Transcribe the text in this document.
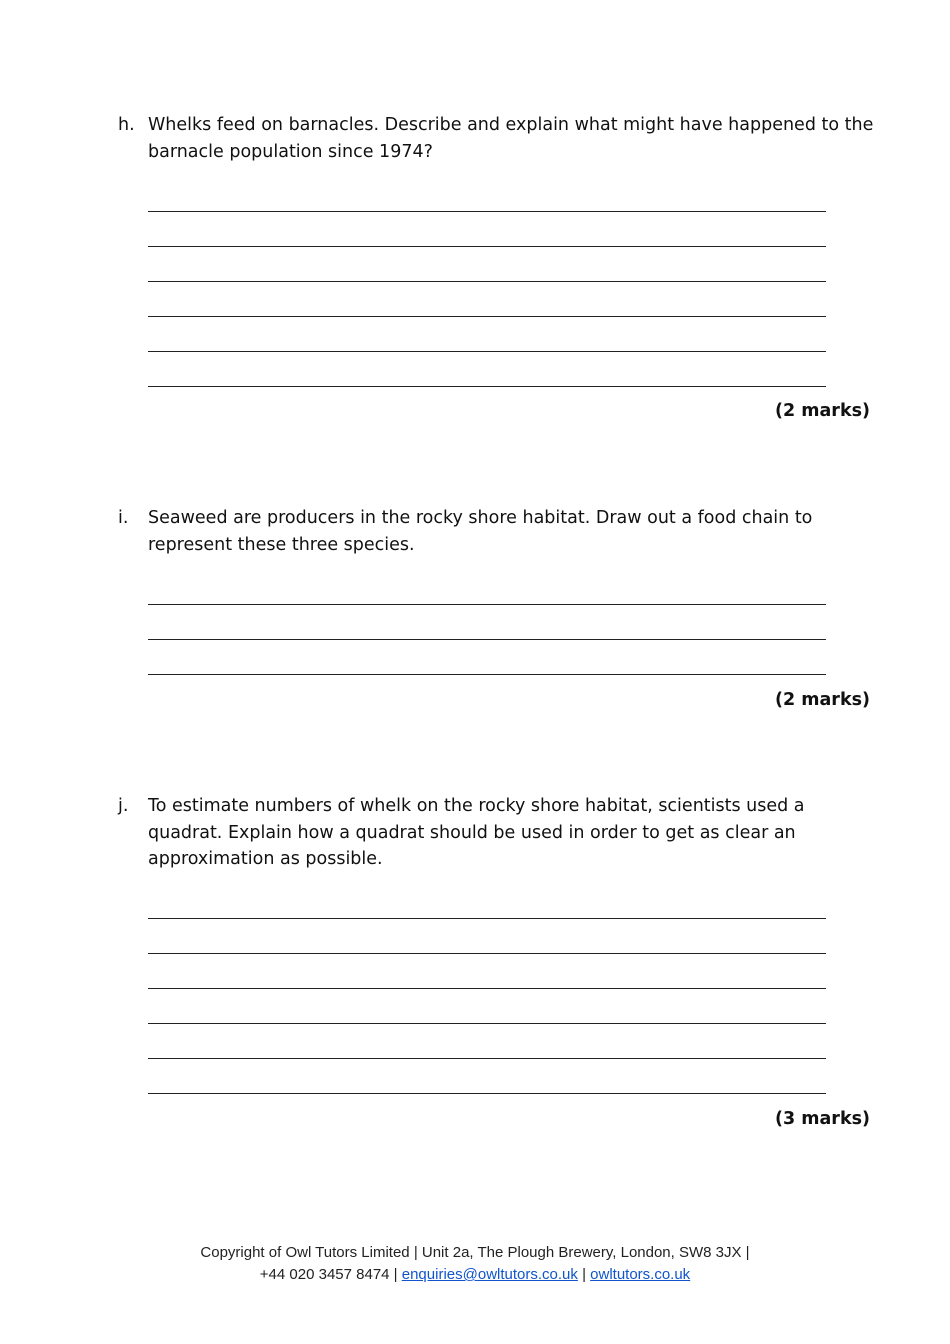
h. Whelks feed on barnacles. Describe and explain what might have happened to the barnacle population since 1974?
(2 marks)
i. Seaweed are producers in the rocky shore habitat. Draw out a food chain to represent these three species.
(2 marks)
j. To estimate numbers of whelk on the rocky shore habitat, scientists used a quadrat. Explain how a quadrat should be used in order to get as clear an approximation as possible.
(3 marks)
Copyright of Owl Tutors Limited | Unit 2a, The Plough Brewery, London, SW8 3JX |
+44 020 3457 8474 | enquiries@owltutors.co.uk | owltutors.co.uk
